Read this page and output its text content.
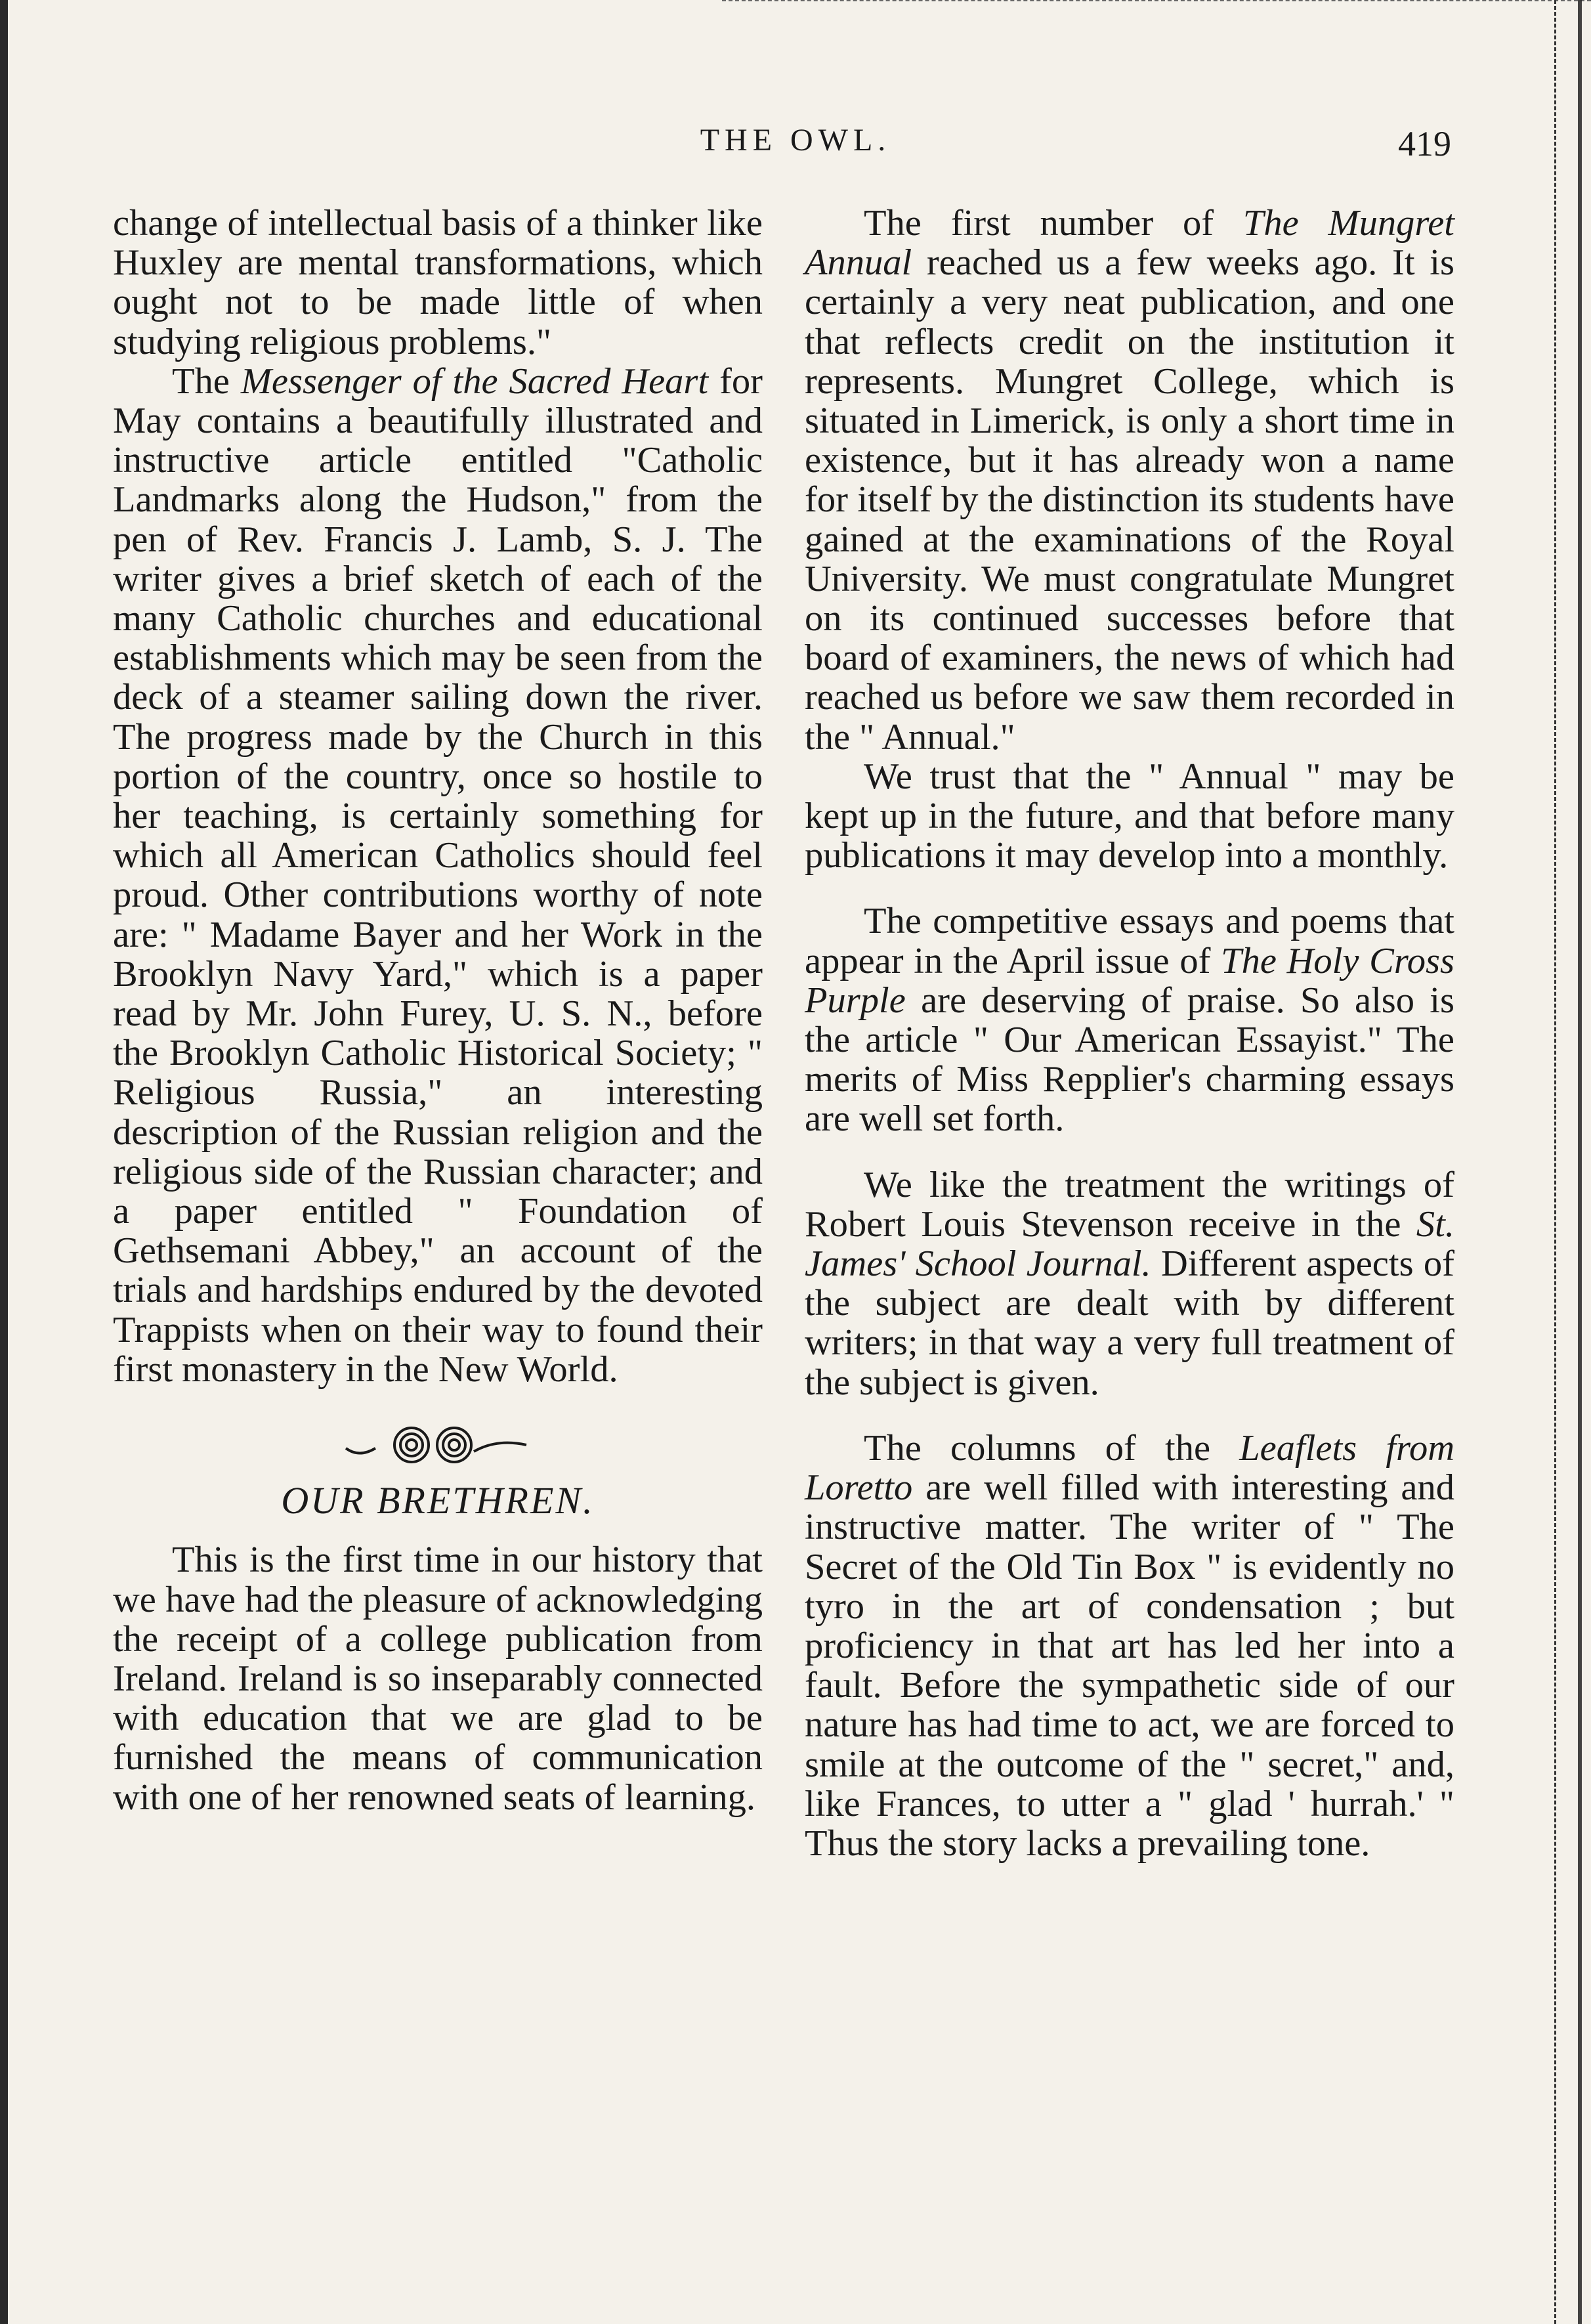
THE OWL.	419

change of intellectual basis of a thinker like Huxley are mental transformations, which ought not to be made little of when studying religious problems."

The Messenger of the Sacred Heart for May contains a beautifully illustrated and instructive article entitled "Catholic Landmarks along the Hudson," from the pen of Rev. Francis J. Lamb, S. J. The writer gives a brief sketch of each of the many Catholic churches and educational establishments which may be seen from the deck of a steamer sailing down the river. The progress made by the Church in this portion of the country, once so hostile to her teaching, is certainly something for which all American Catholics should feel proud. Other contributions worthy of note are: " Madame Bayer and her Work in the Brooklyn Navy Yard," which is a paper read by Mr. John Furey, U. S. N., before the Brooklyn Catholic Historical Society; " Religious Russia," an interesting description of the Russian religion and the religious side of the Russian character; and a paper entitled " Foundation of Gethsemani Abbey," an account of the trials and hardships endured by the devoted Trappists when on their way to found their first monastery in the New World.

OUR BRETHREN.

This is the first time in our history that we have had the pleasure of acknowledging the receipt of a college publication from Ireland. Ireland is so inseparably connected with education that we are glad to be furnished the means of communication with one of her renowned seats of learning.

The first number of The Mungret Annual reached us a few weeks ago. It is certainly a very neat publication, and one that reflects credit on the institution it represents. Mungret College, which is situated in Limerick, is only a short time in existence, but it has already won a name for itself by the distinction its students have gained at the examinations of the Royal University. We must congratulate Mungret on its continued successes before that board of examiners, the news of which had reached us before we saw them recorded in the " Annual."

We trust that the " Annual " may be kept up in the future, and that before many publications it may develop into a monthly.

The competitive essays and poems that appear in the April issue of The Holy Cross Purple are deserving of praise. So also is the article " Our American Essayist." The merits of Miss Repplier's charming essays are well set forth.

We like the treatment the writings of Robert Louis Stevenson receive in the St. James' School Journal. Different aspects of the subject are dealt with by different writers; in that way a very full treatment of the subject is given.

The columns of the Leaflets from Loretto are well filled with interesting and instructive matter. The writer of " The Secret of the Old Tin Box " is evidently no tyro in the art of condensation ; but proficiency in that art has led her into a fault. Before the sympathetic side of our nature has had time to act, we are forced to smile at the outcome of the " secret," and, like Frances, to utter a " glad ' hurrah.' " Thus the story lacks a prevailing tone.
